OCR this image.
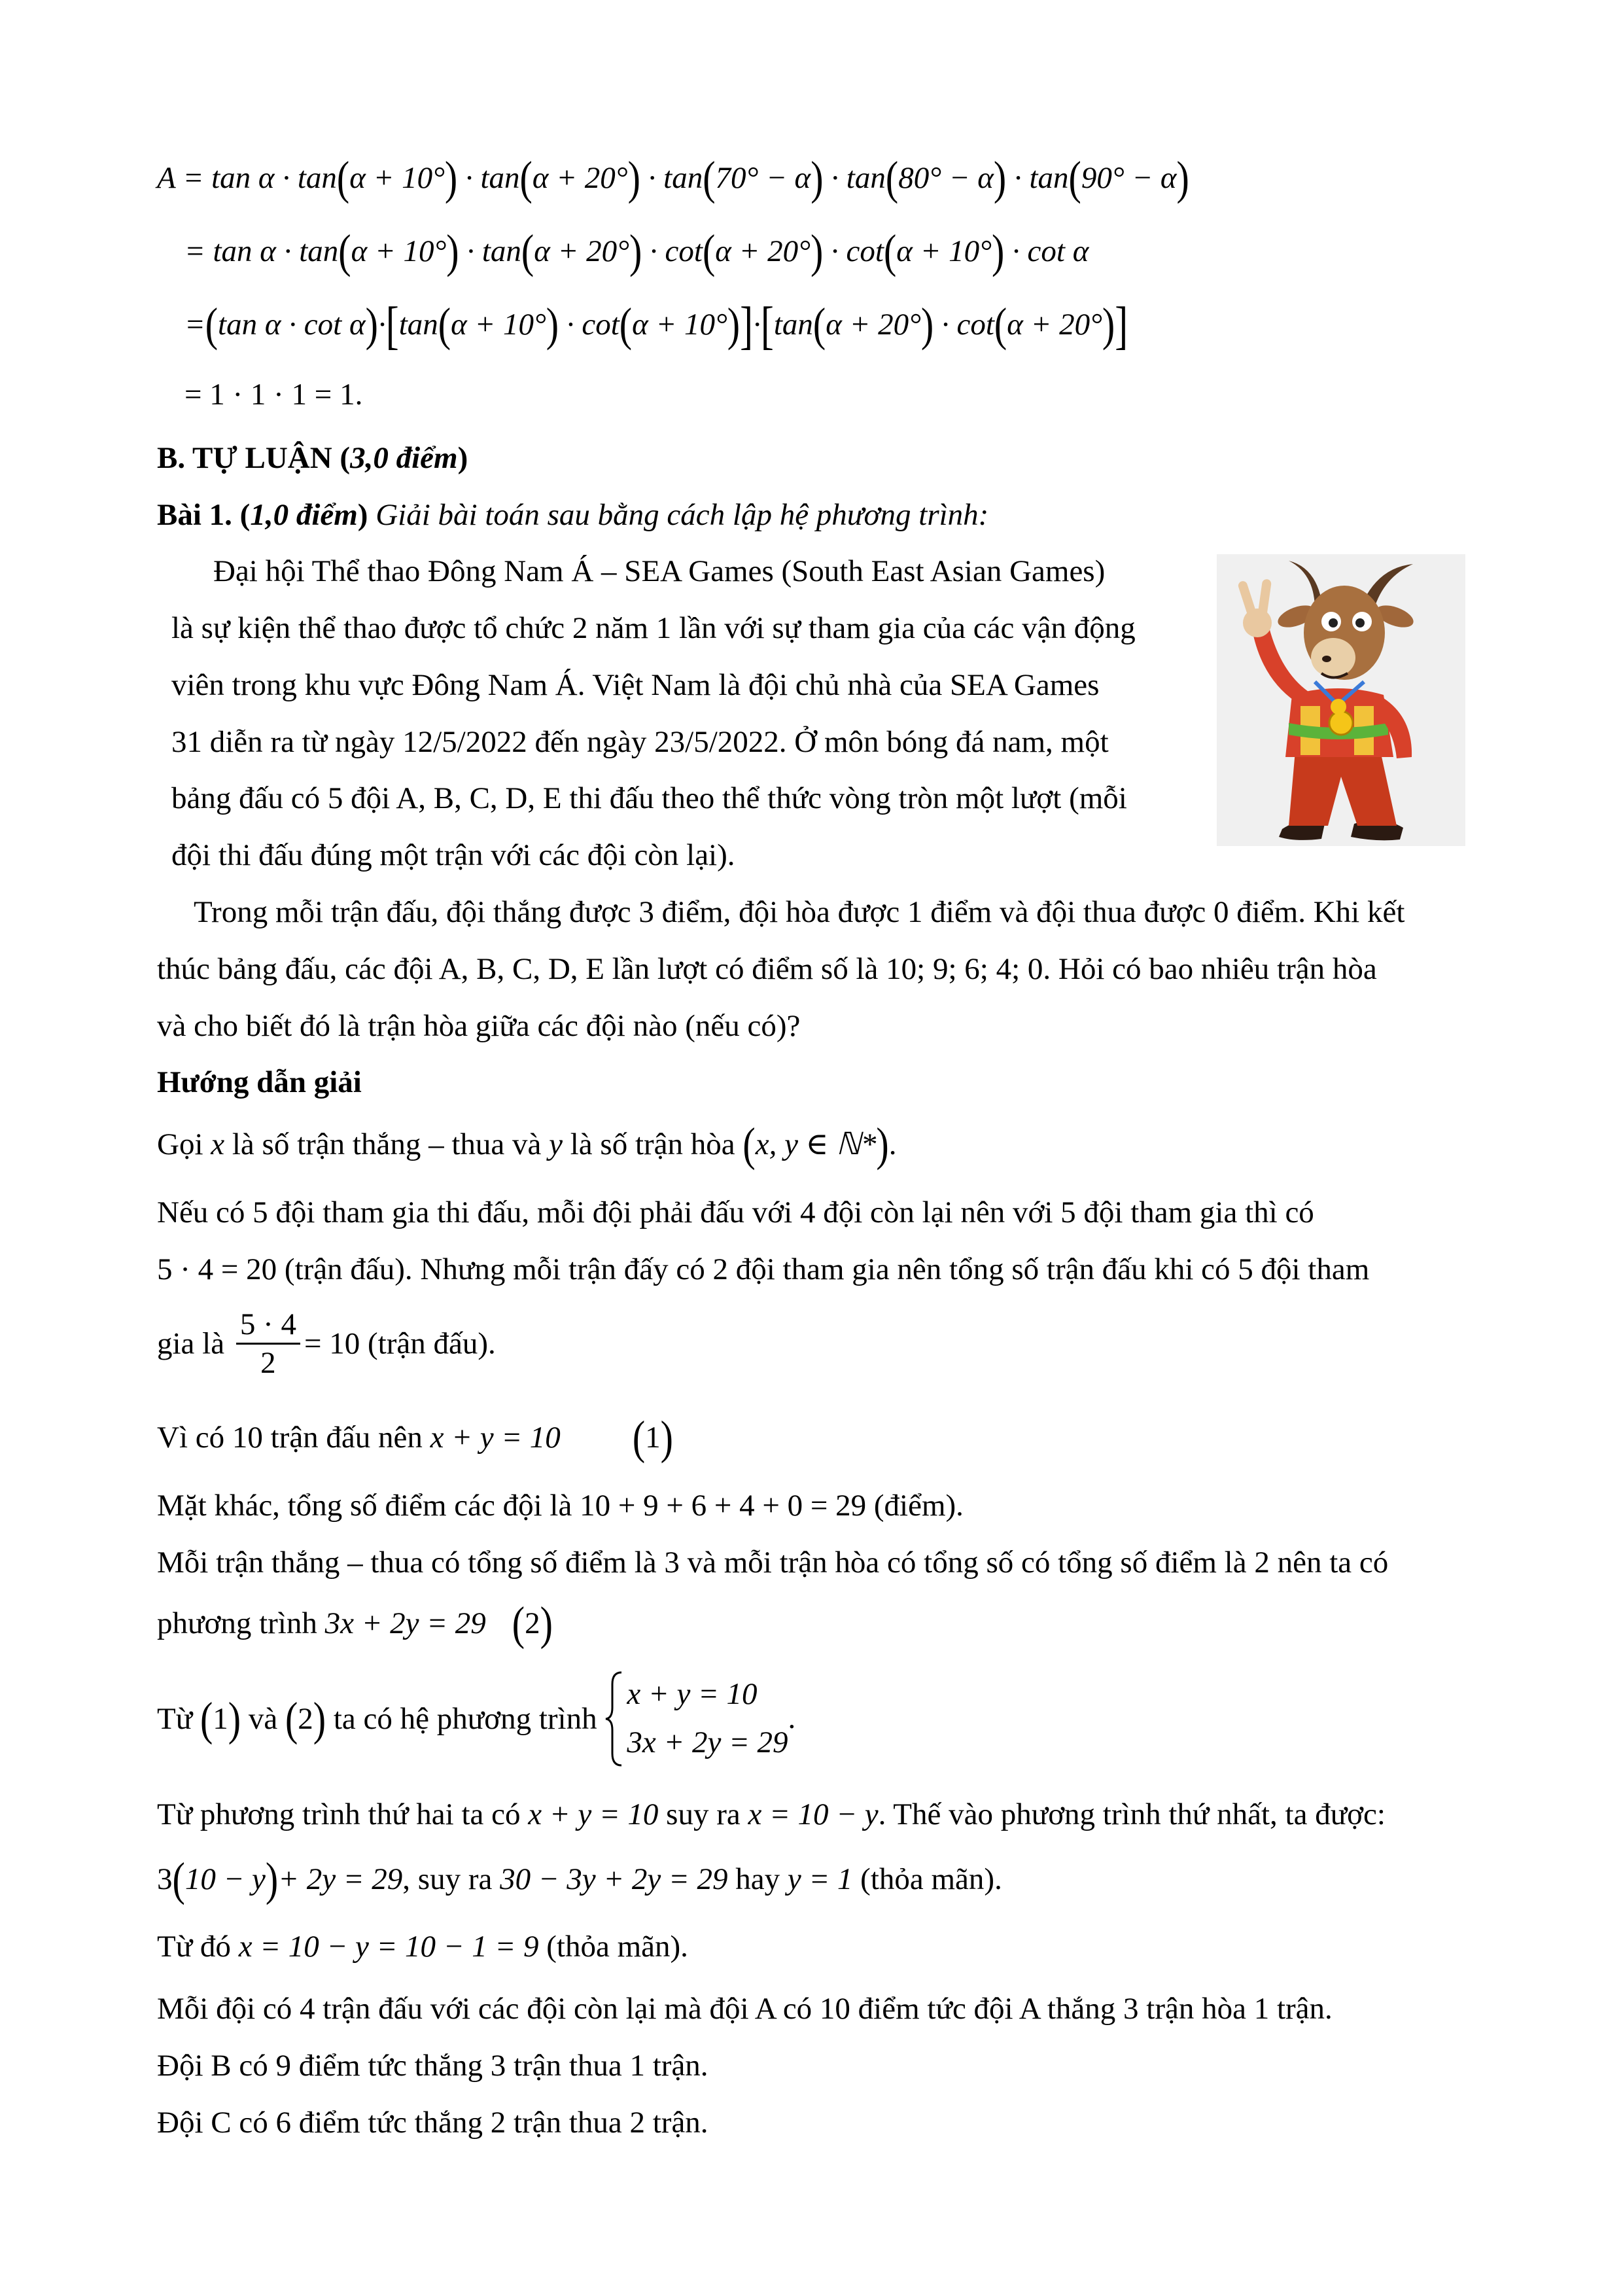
A = tan α · tan(α + 10°) · tan(α + 20°) · tan(70° − α) · tan(80° − α) · tan(90° − α)
= tan α · tan(α + 10°) · tan(α + 20°) · cot(α + 20°) · cot(α + 10°) · cot α
=(tan α · cot α)·[tan(α + 10°) · cot(α + 10°)]·[tan(α + 20°) · cot(α + 20°)]
= 1 · 1 · 1 = 1.
B. TỰ LUẬN (3,0 điểm)
Bài 1. (1,0 điểm) Giải bài toán sau bằng cách lập hệ phương trình:
Đại hội Thể thao Đông Nam Á – SEA Games (South East Asian Games)
là sự kiện thể thao được tổ chức 2 năm 1 lần với sự tham gia của các vận động
viên trong khu vực Đông Nam Á. Việt Nam là đội chủ nhà của SEA Games
31 diễn ra từ ngày 12/5/2022 đến ngày 23/5/2022. Ở môn bóng đá nam, một
bảng đấu có 5 đội A, B, C, D, E thi đấu theo thể thức vòng tròn một lượt (mỗi
đội thi đấu đúng một trận với các đội còn lại).
Trong mỗi trận đấu, đội thắng được 3 điểm, đội hòa được 1 điểm và đội thua được 0 điểm. Khi kết
thúc bảng đấu, các đội A, B, C, D, E lần lượt có điểm số là 10; 9; 6; 4; 0. Hỏi có bao nhiêu trận hòa
và cho biết đó là trận hòa giữa các đội nào (nếu có)?
Hướng dẫn giải
Gọi x là số trận thắng – thua và y là số trận hòa (x, y ∈ ℕ*).
Nếu có 5 đội tham gia thi đấu, mỗi đội phải đấu với 4 đội còn lại nên với 5 đội tham gia thì có
5 · 4 = 20 (trận đấu). Nhưng mỗi trận đấy có 2 đội tham gia nên tổng số trận đấu khi có 5 đội tham
gia là $\frac{5 \cdot 4}{2} = 10$ (trận đấu).
Vì có 10 trận đấu nên x + y = 10 (1)
Mặt khác, tổng số điểm các đội là 10 + 9 + 6 + 4 + 0 = 29 (điểm).
Mỗi trận thắng – thua có tổng số điểm là 3 và mỗi trận hòa có tổng số có tổng số điểm là 2 nên ta có
phương trình 3x + 2y = 29 (2)
Từ (1) và (2) ta có hệ phương trình
x + y = 10
3x + 2y = 29
.
Từ phương trình thứ hai ta có x + y = 10 suy ra x = 10 − y. Thế vào phương trình thứ nhất, ta được:
3(10 − y)+ 2y = 29, suy ra 30 − 3y + 2y = 29 hay y = 1 (thỏa mãn).
Từ đó x = 10 − y = 10 − 1 = 9 (thỏa mãn).
Mỗi đội có 4 trận đấu với các đội còn lại mà đội A có 10 điểm tức đội A thắng 3 trận hòa 1 trận.
Đội B có 9 điểm tức thắng 3 trận thua 1 trận.
Đội C có 6 điểm tức thắng 2 trận thua 2 trận.
